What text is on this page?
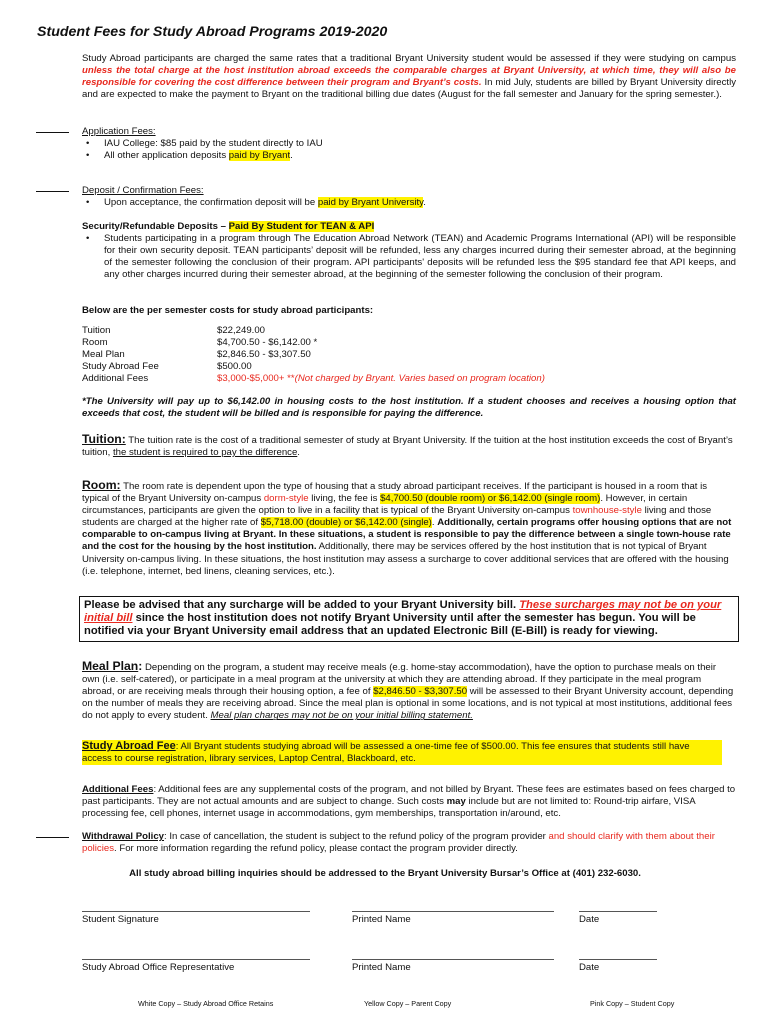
Student Fees for Study Abroad Programs 2019-2020

Study Abroad participants are charged the same rates that a traditional Bryant University student would be assessed if they were studying on campus unless the total charge at the host institution abroad exceeds the comparable charges at Bryant University, at which time, they will also be responsible for covering the cost difference between their program and Bryant’s costs. In mid July, students are billed by Bryant University directly and are expected to make the payment to Bryant on the traditional billing due dates (August for the fall semester and January for the spring semester.).

Application Fees:
• IAU College: $85 paid by the student directly to IAU
• All other application deposits paid by Bryant.
Deposit / Confirmation Fees:
• Upon acceptance, the confirmation deposit will be paid by Bryant University.
Security/Refundable Deposits – Paid By Student for TEAN & API
• Students participating in a program through The Education Abroad Network (TEAN) and Academic Programs International (API) will be responsible for their own security deposit. TEAN participants’ deposit will be refunded, less any charges incurred during their semester abroad, at the beginning of the semester following the conclusion of their program. API participants' deposits will be refunded less the $95 standard fee that API keeps, and any other charges incurred during their semester abroad, at the beginning of the semester following the conclusion of their program.
Below are the per semester costs for study abroad participants:
Tuition	$22,249.00
Room	$4,700.50 - $6,142.00 *
Meal Plan	$2,846.50 - $3,307.50
Study Abroad Fee	$500.00
Additional Fees	$3,000-$5,000+ **(Not charged by Bryant. Varies based on program location)

*The University will pay up to $6,142.00 in housing costs to the host institution. If a student chooses and receives a housing option that exceeds that cost, the student will be billed and is responsible for paying the difference.

Tuition: The tuition rate is the cost of a traditional semester of study at Bryant University. If the tuition at the host institution exceeds the cost of Bryant’s tuition, the student is required to pay the difference.

Room: The room rate is dependent upon the type of housing that a study abroad participant receives. If the participant is housed in a room that is typical of the Bryant University on-campus dorm-style living, the fee is $4,700.50 (double room) or $6,142.00 (single room). However, in certain circumstances, participants are given the option to live in a facility that is typical of the Bryant University on-campus townhouse-style living and those students are charged at the higher rate of $5,718.00 (double) or $6,142.00 (single). Additionally, certain programs offer housing options that are not comparable to on-campus living at Bryant. In these situations, a student is responsible to pay the difference between a single town-house rate and the cost for the housing by the host institution. Additionally, there may be services offered by the host institution that is not typical of Bryant University on-campus living. In these situations, the host institution may assess a surcharge to cover additional services that are offered with the housing (i.e. telephone, internet, bed linens, cleaning services, etc.).

Please be advised that any surcharge will be added to your Bryant University bill. These surcharges may not be on your initial bill since the host institution does not notify Bryant University until after the semester has begun. You will be notified via your Bryant University email address that an updated Electronic Bill (E-Bill) is ready for viewing.

Meal Plan: Depending on the program, a student may receive meals (e.g. home-stay accommodation), have the option to purchase meals on their own (i.e. self-catered), or participate in a meal program at the university at which they are attending abroad. If they participate in the meal program abroad, or are receiving meals through their housing option, a fee of $2,846.50 - $3,307.50 will be assessed to their Bryant University account, depending on the number of meals they are receiving abroad. Since the meal plan is optional in some locations, and is not typical at most institutions, additional fees do not apply to every student. Meal plan charges may not be on your initial billing statement.

Study Abroad Fee: All Bryant students studying abroad will be assessed a one-time fee of $500.00. This fee ensures that students still have access to course registration, library services, Laptop Central, Blackboard, etc.

Additional Fees: Additional fees are any supplemental costs of the program, and not billed by Bryant. These fees are estimates based on fees charged to past participants. They are not actual amounts and are subject to change. Such costs may include but are not limited to: Round-trip airfare, VISA processing fee, cell phones, internet usage in accommodations, gym memberships, transportation in/around, etc.

Withdrawal Policy: In case of cancellation, the student is subject to the refund policy of the program provider and should clarify with them about their policies. For more information regarding the refund policy, please contact the program provider directly.

All study abroad billing inquiries should be addressed to the Bryant University Bursar’s Office at (401) 232-6030.
Student Signature	Printed Name	Date
Study Abroad Office Representative	Printed Name	Date
White Copy – Study Abroad Office Retains	Yellow Copy – Parent Copy	Pink Copy – Student Copy
